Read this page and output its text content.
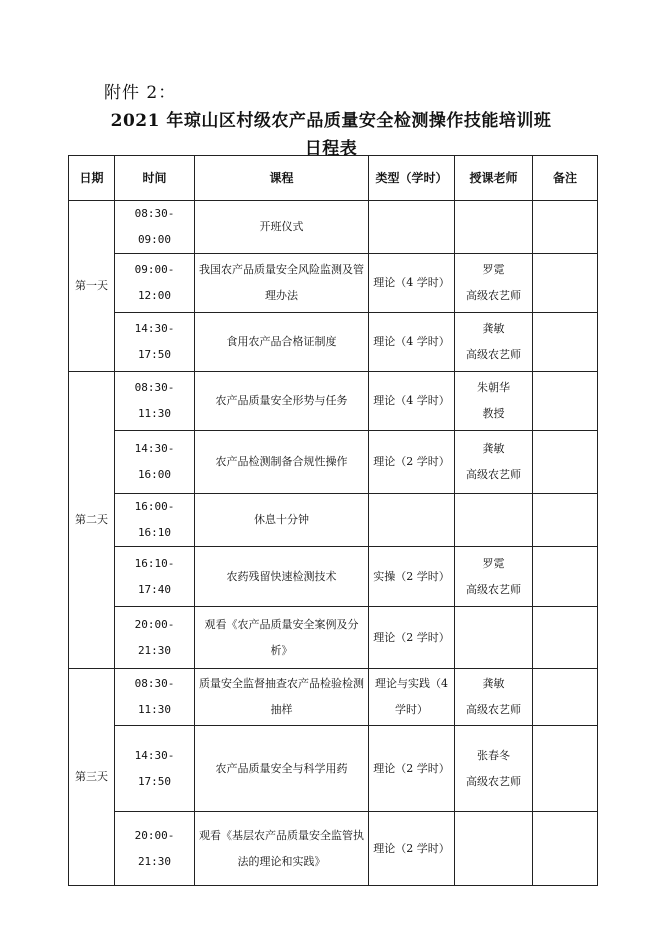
附件 2：
2021 年琼山区村级农产品质量安全检测操作技能培训班
日程表
日期	时间	课程	类型（学时）	授课老师	备注
第一天	08:30-09:00	开班仪式			
	09:00-12:00	我国农产品质量安全风险监测及管理办法	理论（4 学时）	罗霓
高级农艺师	

	14:30-17:50	食用农产品合格证制度	理论（4 学时）	龚敏
高级农艺师	

第二天	08:30-11:30	农产品质量安全形势与任务	理论（4 学时）	朱朝华
教授	

	14:30-16:00	农产品检测制备合规性操作	理论（2 学时）	龚敏
高级农艺师	

	16:00-16:10	休息十分钟			
	16:10-17:40	农药残留快速检测技术	实操（2 学时）	罗霓
高级农艺师	

	20:00-21:30	观看《农产品质量安全案例及分析》	理论（2 学时）		
第三天	08:30-11:30	质量安全监督抽查农产品检验检测抽样	理论与实践（4 学时）	龚敏
高级农艺师	

	14:30-17:50	农产品质量安全与科学用药	理论（2 学时）	张春冬
高级农艺师	

	20:00-21:30	观看《基层农产品质量安全监管执法的理论和实践》	理论（2 学时）		
